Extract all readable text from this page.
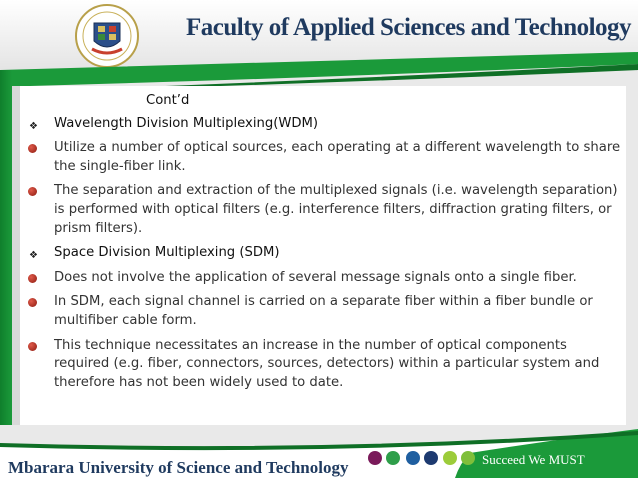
Faculty of Applied Sciences and Technology
Cont’d
❖ Wavelength Division Multiplexing(WDM)
Utilize a number of optical sources, each operating at a different wavelength to share the single-fiber link.
The separation and extraction of the multiplexed signals (i.e. wavelength separation) is performed with optical filters (e.g. interference filters, diffraction grating filters, or prism filters).
❖ Space Division Multiplexing (SDM)
Does not involve the application of several message signals onto a single fiber.
In SDM, each signal channel is carried on a separate fiber within a fiber bundle or multifiber cable form.
This technique necessitates an increase in the number of optical components required (e.g. fiber, connectors, sources, detectors) within a particular system and therefore has not been widely used to date.
Mbarara University of Science and Technology	Succeed We MUST
